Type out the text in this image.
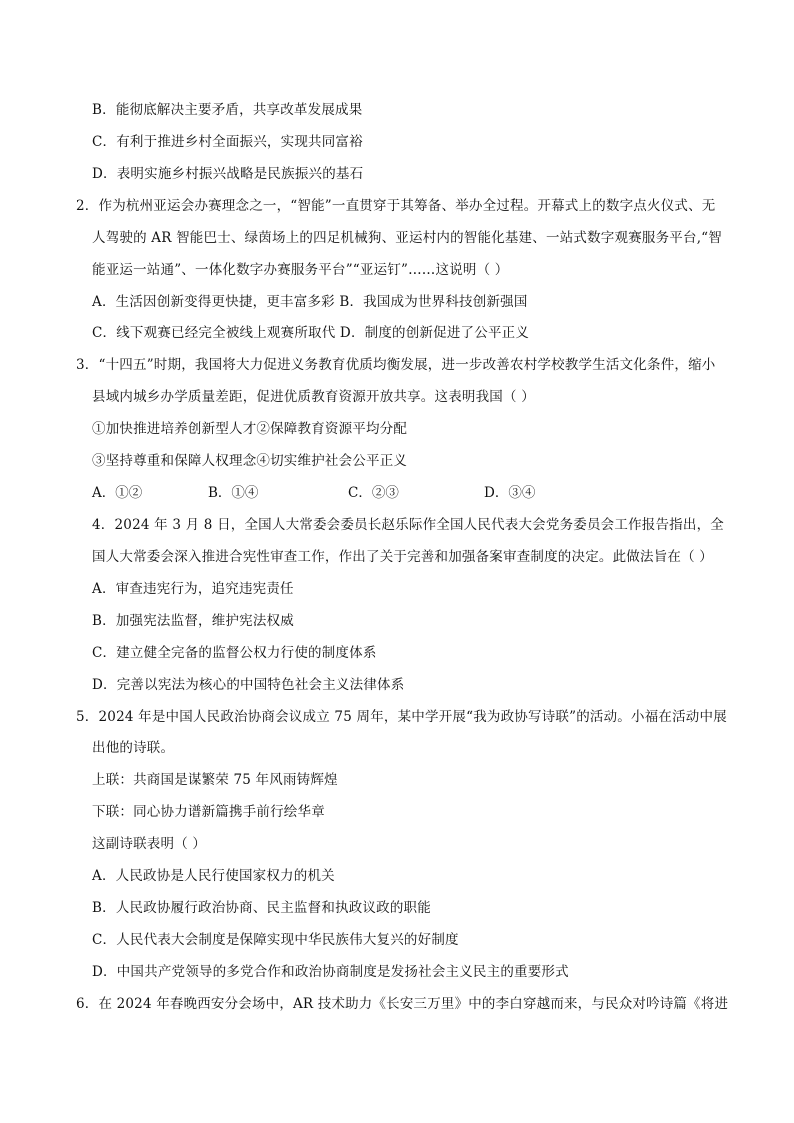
B．能彻底解决主要矛盾，共享改革发展成果
C．有利于推进乡村全面振兴，实现共同富裕
D．表明实施乡村振兴战略是民族振兴的基石
2．作为杭州亚运会办赛理念之一，“智能”一直贯穿于其筹备、举办全过程。开幕式上的数字点火仪式、无
人驾驶的 AR 智能巴士、绿茵场上的四足机械狗、亚运村内的智能化基建、一站式数字观赛服务平台,“智
能亚运一站通”、一体化数字办赛服务平台”“亚运钉”……这说明（ ）
A．生活因创新变得更快捷，更丰富多彩 B．我国成为世界科技创新强国
C．线下观赛已经完全被线上观赛所取代 D．制度的创新促进了公平正义
3．“十四五”时期，我国将大力促进义务教育优质均衡发展，进一步改善农村学校教学生活文化条件，缩小
县域内城乡办学质量差距，促进优质教育资源开放共享。这表明我国（ ）
①加快推进培养创新型人才②保障教育资源平均分配
③坚持尊重和保障人权理念④切实维护社会公平正义
A．①②	B．①④	C．②③	D．③④
4．2024 年 3 月 8 日，全国人大常委会委员长赵乐际作全国人民代表大会党务委员会工作报告指出，全
国人大常委会深入推进合宪性审查工作，作出了关于完善和加强备案审查制度的决定。此做法旨在（ ）
A．审查违宪行为，追究违宪责任
B．加强宪法监督，维护宪法权威
C．建立健全完备的监督公权力行使的制度体系
D．完善以宪法为核心的中国特色社会主义法律体系
5．2024 年是中国人民政治协商会议成立 75 周年，某中学开展“我为政协写诗联”的活动。小福在活动中展
出他的诗联。
上联：共商国是谋繁荣 75 年风雨铸辉煌
下联：同心协力谱新篇携手前行绘华章
这副诗联表明（ ）
A．人民政协是人民行使国家权力的机关
B．人民政协履行政治协商、民主监督和执政议政的职能
C．人民代表大会制度是保障实现中华民族伟大复兴的好制度
D．中国共产党领导的多党合作和政治协商制度是发扬社会主义民主的重要形式
6．在 2024 年春晚西安分会场中，AR 技术助力《长安三万里》中的李白穿越而来，与民众对吟诗篇《将进
